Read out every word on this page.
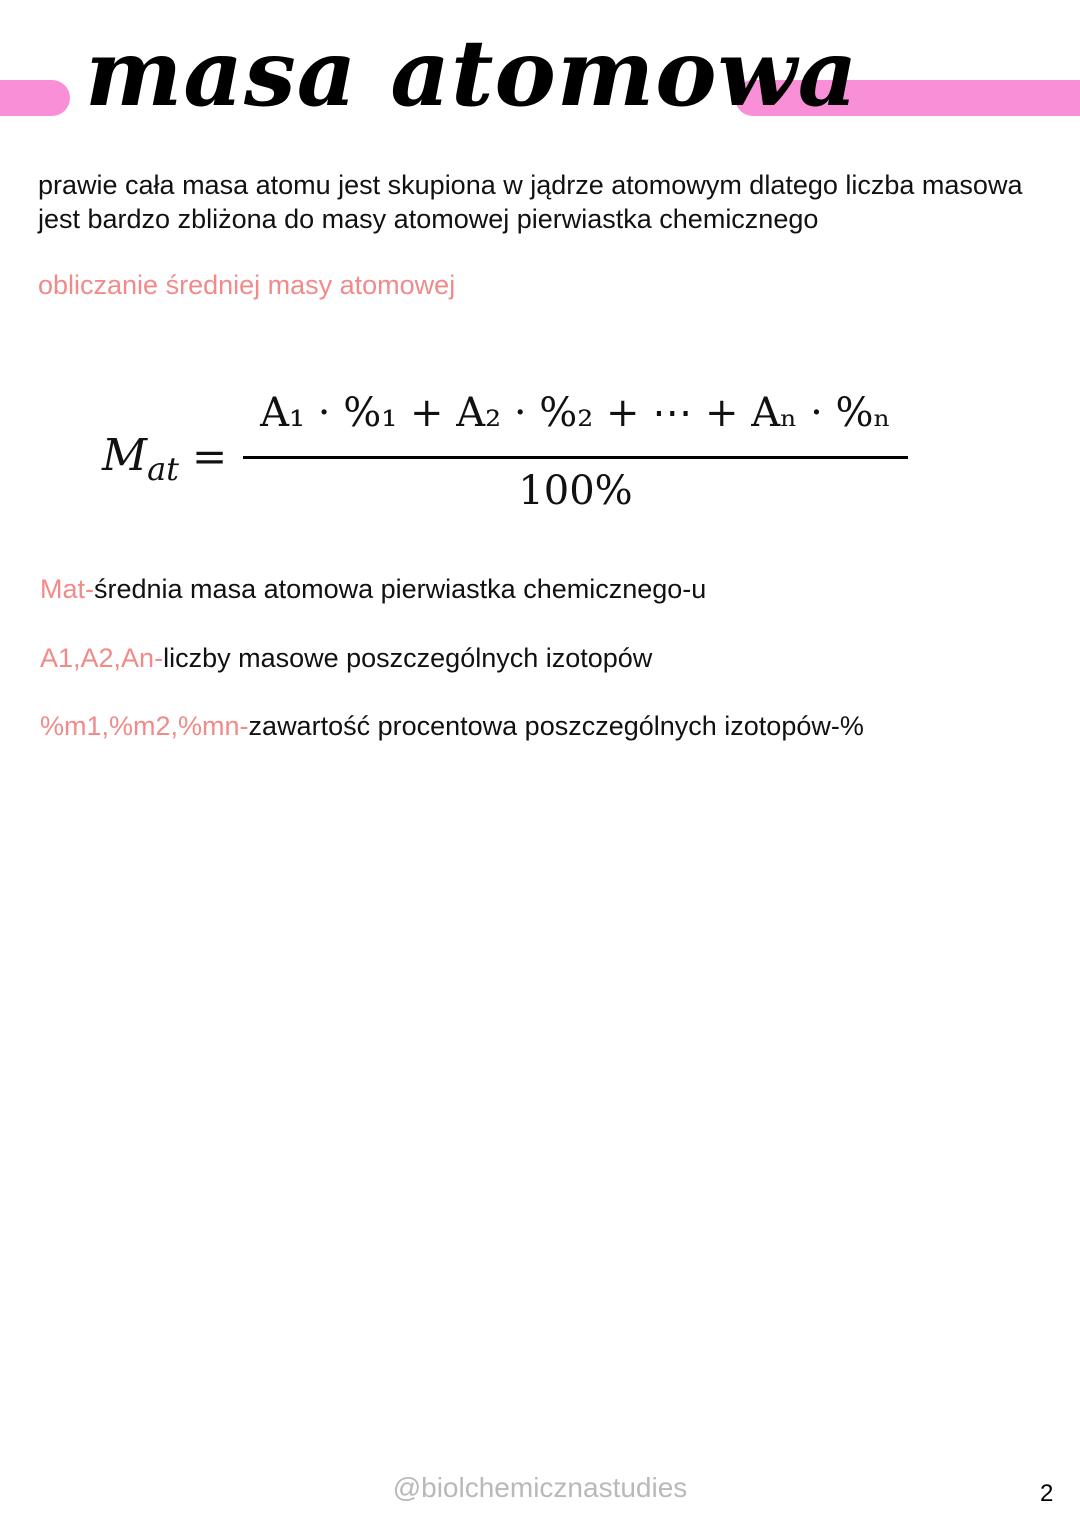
masa atomowa

prawie cała masa atomu jest skupiona w jądrze atomowym dlatego liczba masowa jest bardzo zbliżona do masy atomowej pierwiastka chemicznego

obliczanie średniej masy atomowej
$M_{at}$ =
A₁ · %₁ + A₂ · %₂ + ⋯ + Aₙ · %ₙ
100%
Mat-średnia masa atomowa pierwiastka chemicznego-u
A1,A2,An-liczby masowe poszczególnych izotopów
%m1,%m2,%mn-zawartość procentowa poszczególnych izotopów-%
@biolchemicznastudies	2
